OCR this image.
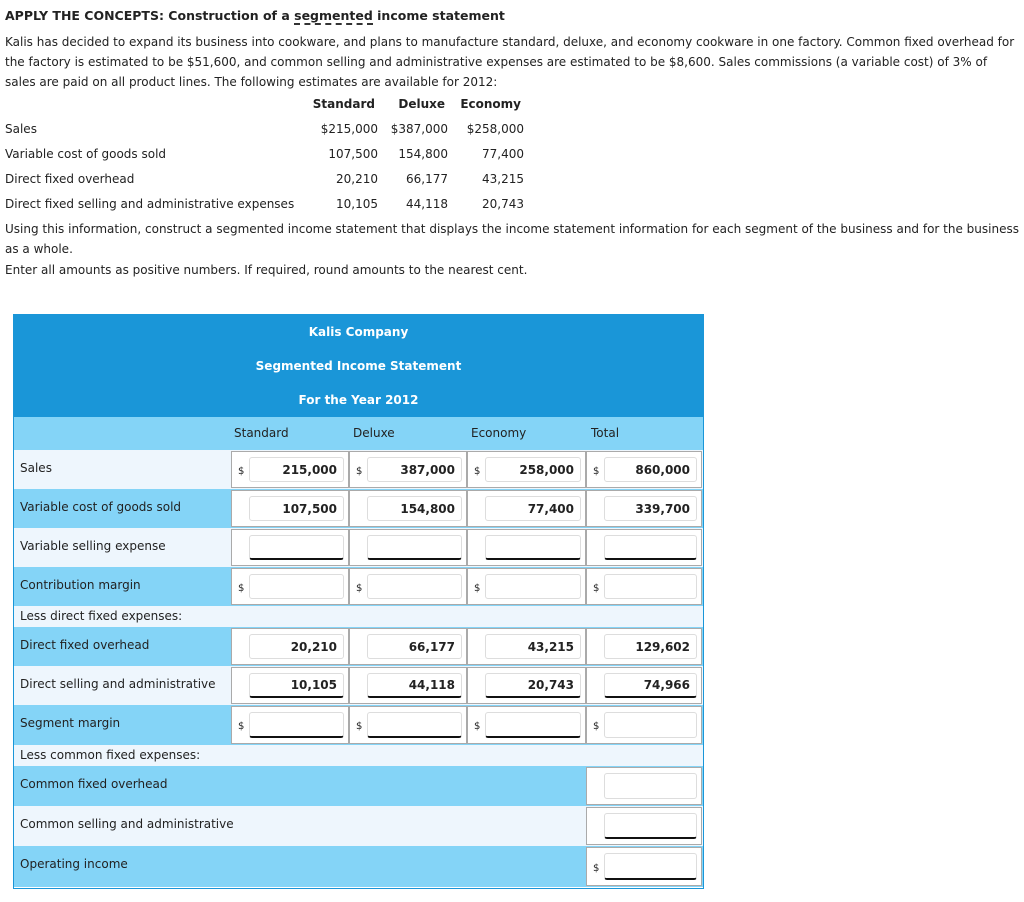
APPLY THE CONCEPTS: Construction of a segmented income statement

Kalis has decided to expand its business into cookware, and plans to manufacture standard, deluxe, and economy cookware in one factory. Common fixed overhead for the factory is estimated to be $51,600, and common selling and administrative expenses are estimated to be $8,600. Sales commissions (a variable cost) of 3% of sales are paid on all product lines. The following estimates are available for 2012:

Standard	Deluxe	Economy
Sales	$215,000	$387,000	$258,000
Variable cost of goods sold	107,500	154,800	77,400
Direct fixed overhead	20,210	66,177	43,215
Direct fixed selling and administrative expenses	10,105	44,118	20,743
Using this information, construct a segmented income statement that displays the income statement information for each segment of the business and for the business as a whole.
Enter all amounts as positive numbers. If required, round amounts to the nearest cent.
Kalis Company
Segmented Income Statement
For the Year 2012
Standard	Deluxe	Economy	Total
Sales	$	215,000	$	387,000	$	258,000	$	860,000
Variable cost of goods sold	107,500	154,800	77,400	339,700
Variable selling expense
Contribution margin	$	$	$	$
Less direct fixed expenses:
Direct fixed overhead	20,210	66,177	43,215	129,602
Direct selling and administrative	10,105	44,118	20,743	74,966
Segment margin	$	$	$	$
Less common fixed expenses:
Common fixed overhead
Common selling and administrative
Operating income	$
